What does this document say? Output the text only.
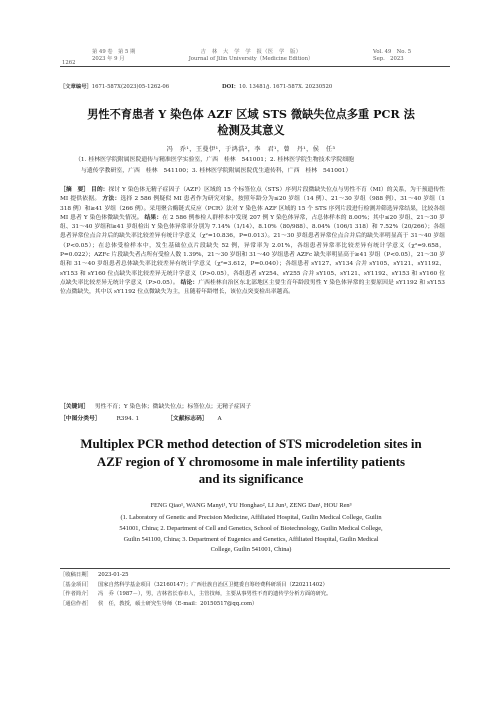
1262
第 49 卷　第 5 期
2023 年 9 月
吉　林　大　学　学　报（医　学　版）
Journal of Jilin University（Medicine Edition）
Vol. 49　No. 5
Sep.　2023
［文章编号］1671-587X(2023)05-1262-06	DOI：10. 13481/j. 1671-587X. 20230520
男性不育患者 Y 染色体 AZF 区域 STS 微缺失位点多重 PCR 法
检测及其意义
冯　乔¹，王曼伊¹，于鸿浩²，李　君¹，曾　丹¹，侯　任³
（1. 桂林医学院附属医院遗传与精准医学实验室，广西　桂林　541001；2. 桂林医学院生物技术学院细胞
与遗传学教研室，广西　桂林　541100；3. 桂林医学院附属医院优生遗传科，广西　桂林　541001）
［摘　要］ 目的：探讨 Y 染色体无精子症因子（AZF）区域的 15 个标签位点（STS）序列片段微缺失位点与男性不育（MI）的关系，为干预遗传性 MI 提供依据。 方法：选择 2 586 例疑似 MI 患者作为研究对象，按照年龄分为≤20 岁组（14 例）、21～30 岁组（988 例）、31～40 岁组（1 318 例）和≥41 岁组（266 例）。采用聚合酶链式反应（PCR）法对 Y 染色体 AZF 区域的 15 个 STS 序列片段进行检测并筛选异常结果，比较各组 MI 患者 Y 染色体微缺失情况。 结果：在 2 586 例参检人群样本中发现 207 例 Y 染色体异常，占总体样本的 8.00%；其中≤20 岁组、21～30 岁组、31～40 岁组和≥41 岁组检出 Y 染色体异常率分别为 7.14%（1/14）、8.10%（80/988）、8.04%（106/1 318）和 7.52%（20/266）；各组患者异常位点合并后的缺失率比较差异有统计学意义（χ²=10.836，P=0.013）。21～30 岁组患者异常位点合并后的缺失率明显高于 31～40 岁组（P<0.05）；在总体受检样本中，发生基础位点片段缺失 52 例，异常率为 2.01%，各组患者异常率比较差异有统计学意义（χ²=9.658，P=0.022）；AZFc 片段缺失者占所有受检人数 1.39%，21～30 岁组和 31～40 岁组患者 AZFc 缺失率明显高于≥41 岁组（P<0.05），21～30 岁组和 31～40 岁组患者总体缺失率比较差异有统计学意义（χ²=3.612，P=0.040）；各组患者 sY127、sY134 合并 sY105、sY121、sY1192、sY153 和 sY160 位点缺失率比较差异无统计学意义（P>0.05），各组患者 sY254、sY255 合并 sY105、sY121、sY1192、sY153 和 sY160 位点缺失率比较差异无统计学意义（P>0.05）。 结论：广西桂林自治区东北部地区主要生育年龄段男性 Y 染色体异常的主要原因是 sY1192 和 sY153 位点微缺失，其中以 sY1192 位点微缺失为主，且随着年龄增长，该位点突变检出率越高。
［关键词］ 男性不育；Y 染色体；微缺失位点；标签位点；无精子症因子
［中图分类号］	R394. 1	［文献标志码］ A
Multiplex PCR method detection of STS microdeletion sites in
AZF region of Y chromosome in male infertility patients
and its significance
FENG Qiao¹, WANG Manyi¹, YU Honghao², LI Jun¹, ZENG Dan¹, HOU Ren³
(1. Laboratory of Genetic and Precision Medicine, Affiliated Hospital, Guilin Medical College, Guilin
541001, China; 2. Department of Cell and Genetics, School of Biotechnology, Guilin Medical College,
Guilin 541100, China; 3. Department of Eugenics and Genetics, Affiliated Hospital, Guilin Medical
College, Guilin 541001, China)
［收稿日期］ 2023-01-25
［基金项目］ 国家自然科学基金项目（32160147）；广西壮族自治区卫健委自筹经费科研项目（Z20211402）
［作者简介］ 冯　乔（1987－），男，吉林省长春市人，主管技师，主要从事男性不育的遗传学分析方面的研究。
［通信作者］ 侯　任，教授，硕士研究生导师（E-mail：20150517@qq.com）
